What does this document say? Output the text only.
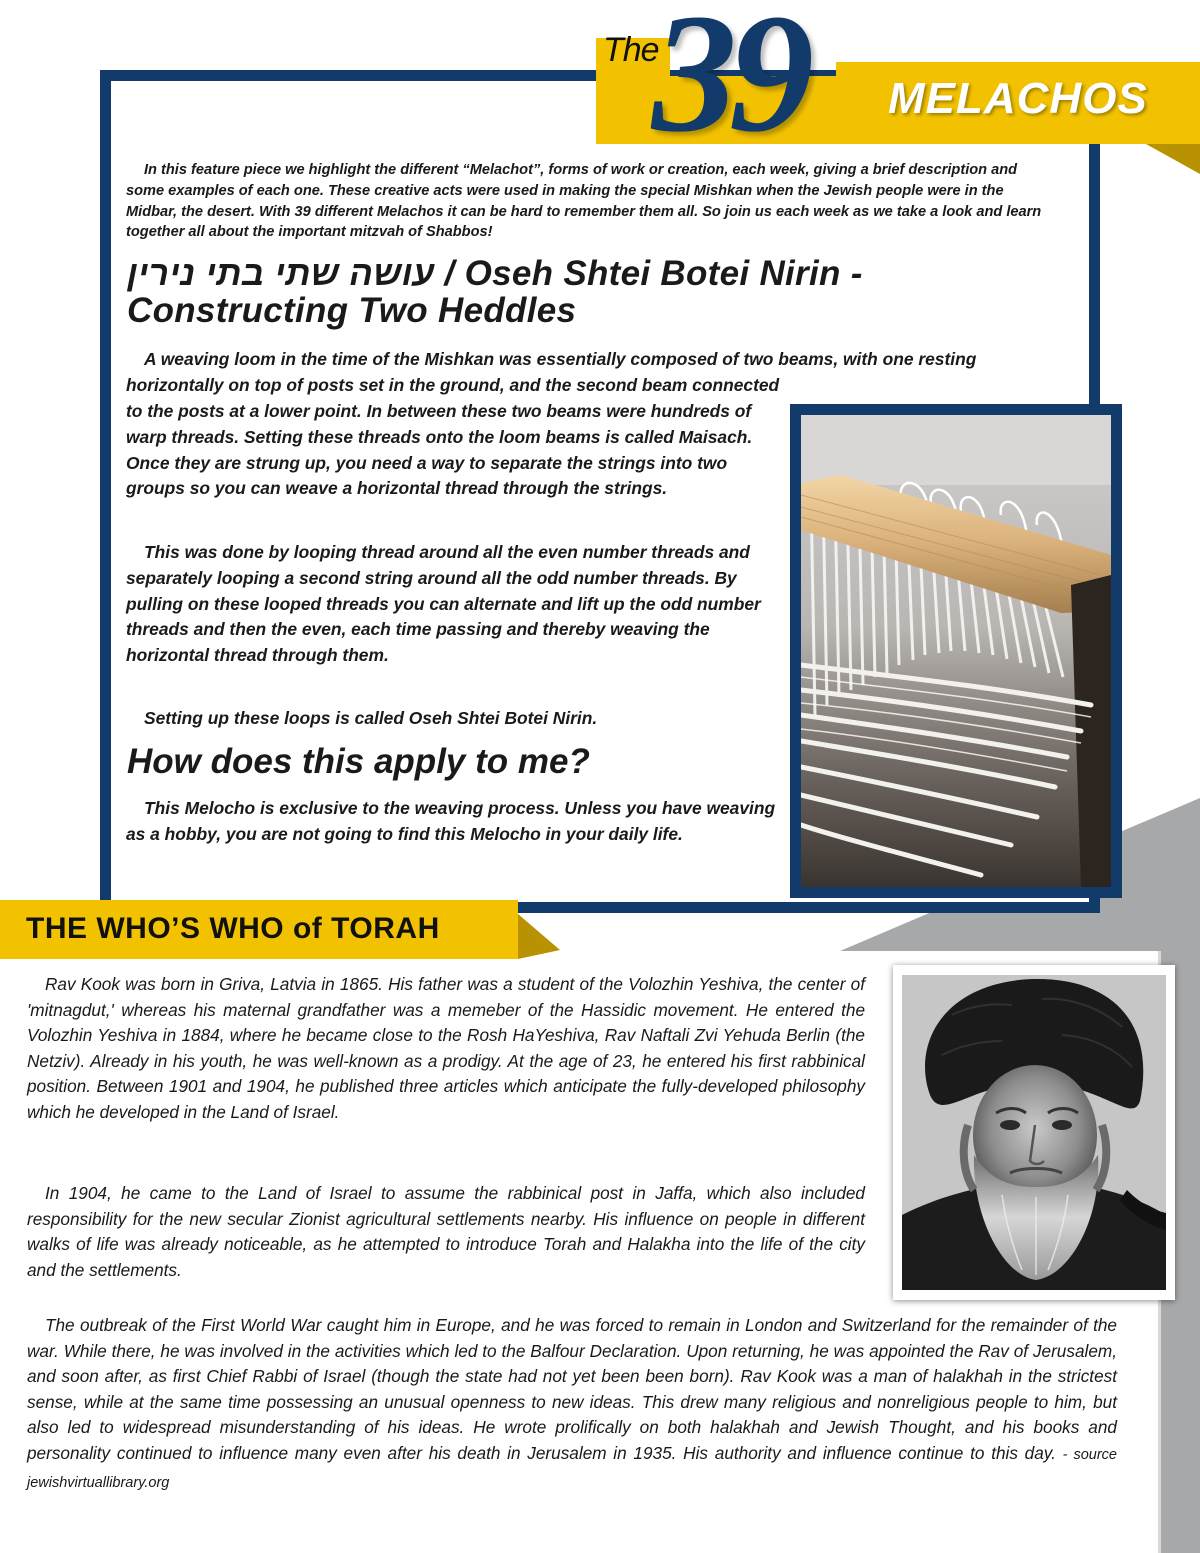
The
39 MELACHOS

In this feature piece we highlight the different “Melachot”, forms of work or creation, each week, giving a brief description and some examples of each one. These creative acts were used in making the special Mishkan when the Jewish people were in the Midbar, the desert. With 39 different Melachos it can be hard to remember them all. So join us each week as we take a look and learn together all about the important mitzvah of Shabbos!

עושה שתי בתי נירין / Oseh Shtei Botei Nirin - Constructing Two Heddles

A weaving loom in the time of the Mishkan was essentially composed of two beams, with one resting horizontally on top of posts set in the ground, and the second beam connected

to the posts at a lower point. In between these two beams were hundreds of warp threads. Setting these threads onto the loom beams is called Maisach. Once they are strung up, you need a way to separate the strings into two groups so you can weave a horizontal thread through the strings.

This was done by looping thread around all the even number threads and separately looping a second string around all the odd number threads. By pulling on these looped threads you can alternate and lift up the odd number threads and then the even, each time passing and thereby weaving the horizontal thread through them.

Setting up these loops is called Oseh Shtei Botei Nirin.

How does this apply to me?

This Melocho is exclusive to the weaving process. Unless you have weaving as a hobby, you are not going to find this Melocho in your daily life.

THE WHO’S WHO of TORAH

Rav Kook was born in Griva, Latvia in 1865. His father was a student of the Volozhin Yeshiva, the center of 'mitnagdut,' whereas his maternal grandfather was a memeber of the Hassidic movement. He entered the Volozhin Yeshiva in 1884, where he became close to the Rosh HaYeshiva, Rav Naftali Zvi Yehuda Berlin (the Netziv). Already in his youth, he was well-known as a prodigy. At the age of 23, he entered his first rabbinical position. Between 1901 and 1904, he published three articles which anticipate the fully-developed philosophy which he developed in the Land of Israel.

In 1904, he came to the Land of Israel to assume the rabbinical post in Jaffa, which also included responsibility for the new secular Zionist agricultural settlements nearby. His influence on people in different walks of life was already noticeable, as he attempted to introduce Torah and Halakha into the life of the city and the settlements.

The outbreak of the First World War caught him in Europe, and he was forced to remain in London and Switzerland for the remainder of the war. While there, he was involved in the activities which led to the Balfour Declaration. Upon returning, he was appointed the Rav of Jerusalem, and soon after, as first Chief Rabbi of Israel (though the state had not yet been been born). Rav Kook was a man of halakhah in the strictest sense, while at the same time possessing an unusual openness to new ideas. This drew many religious and nonreligious people to him, but also led to widespread misunderstanding of his ideas. He wrote prolifically on both halakhah and Jewish Thought, and his books and personality continued to influence many even after his death in Jerusalem in 1935. His authority and influence continue to this day. - source jewishvirtuallibrary.org
